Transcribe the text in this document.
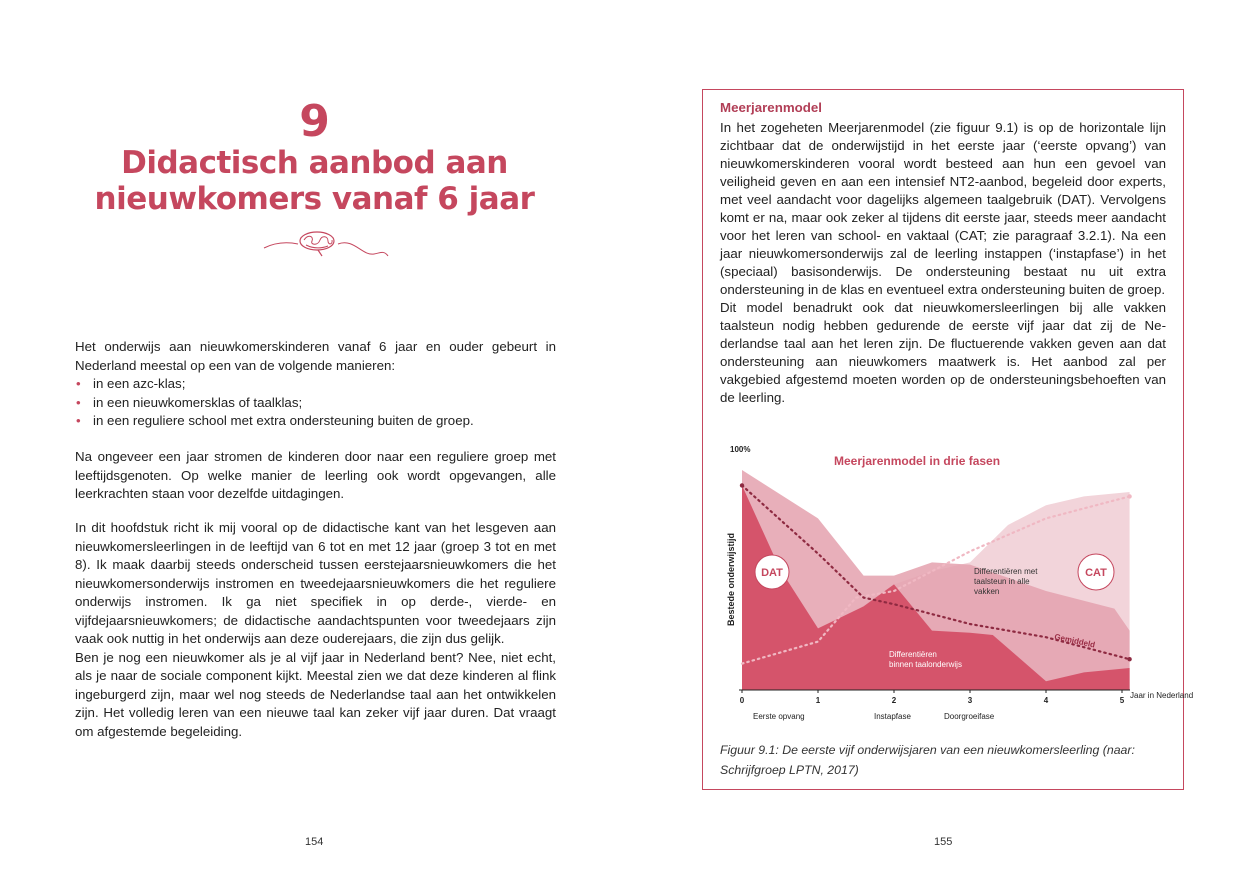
9
Didactisch aanbod aan
nieuwkomers vanaf 6 jaar

Het onderwijs aan nieuwkomerskinderen vanaf 6 jaar en ouder gebeurt in Nederland meestal op een van de volgende manieren:

• in een azc-klas;
• in een nieuwkomersklas of taalklas;
• in een reguliere school met extra ondersteuning buiten de groep.

Na ongeveer een jaar stromen de kinderen door naar een reguliere groep met leeftijdsgenoten. Op welke manier de leerling ook wordt opgevangen, alle leerkrachten staan voor dezelfde uitdagingen.

In dit hoofdstuk richt ik mij vooral op de didactische kant van het lesgeven aan nieuwkomersleerlingen in de leeftijd van 6 tot en met 12 jaar (groep 3 tot en met 8). Ik maak daarbij steeds onderscheid tussen eerstejaarsnieuwkomers die het nieuwkomersonderwijs instromen en tweedejaarsnieuwkomers die het reguliere onderwijs instromen. Ik ga niet specifiek in op derde-, vierde- en vijfdejaarsnieuwkomers; de didactische aandachtspunten voor tweedejaars zijn vaak ook nuttig in het onderwijs aan deze ouderejaars, die zijn dus gelijk.

Ben je nog een nieuwkomer als je al vijf jaar in Nederland bent? Nee, niet echt, als je naar de sociale component kijkt. Meestal zien we dat deze kinderen al flink ingeburgerd zijn, maar wel nog steeds de Nederlandse taal aan het ontwikkelen zijn. Het volledig leren van een nieuwe taal kan zeker vijf jaar duren. Dat vraagt om afgestemde begeleiding.

154
Meerjarenmodel

In het zogeheten Meerjarenmodel (zie figuur 9.1) is op de horizontale lijn zichtbaar dat de onderwijstijd in het eerste jaar (‘eerste opvang’) van nieuwkomerskinderen vooral wordt besteed aan hun een gevoel van veiligheid geven en aan een intensief NT2-aanbod, begeleid door experts, met veel aandacht voor dagelijks algemeen taalgebruik (DAT). Vervolgens komt er na, maar ook zeker al tijdens dit eerste jaar, steeds meer aandacht voor het leren van school- en vaktaal (CAT; zie paragraaf 3.2.1). Na een jaar nieuwkomersonderwijs zal de leerling instappen (‘instapfase’) in het (speciaal) basisonderwijs. De ondersteuning bestaat nu uit extra ondersteuning in de klas en eventueel extra ondersteuning buiten de groep.

Dit model benadrukt ook dat nieuwkomersleerlingen bij alle vakken taalsteun nodig hebben gedurende de eerste vijf jaar dat zij de Nederlandse taal aan het leren zijn. De fluctuerende vakken geven aan dat ondersteuning aan nieuwkomers maatwerk is. Het aanbod zal per vakgebied afgestemd moeten worden op de ondersteuningsbehoeften van de leerling.

0	1	2	3	4	5
100%
Bestede onderwijstijd
Meerjarenmodel in drie fasen
DAT	CAT
Differentiëren met
taalsteun in alle
vakken
Differentiëren
binnen taalonderwijs
Gemiddeld
Jaar in Nederland
Eerste opvang	Instapfase	Doorgroeifase
Figuur 9.1: De eerste vijf onderwijsjaren van een nieuwkomersleerling (naar: Schrijfgroep LPTN, 2017)
155
